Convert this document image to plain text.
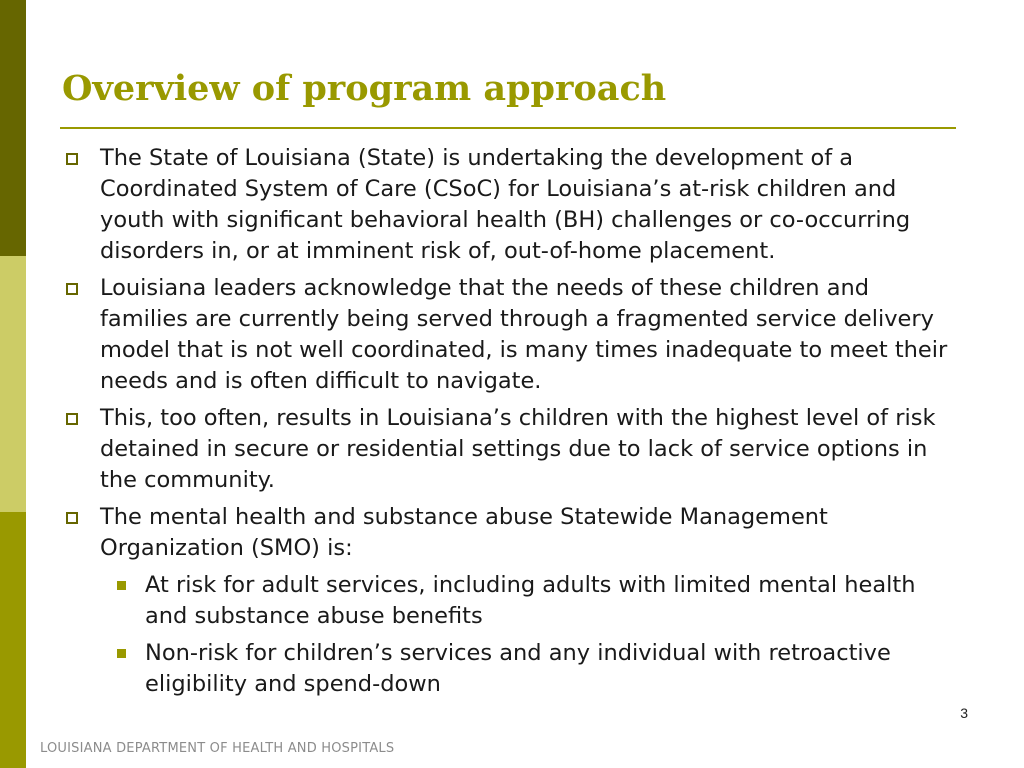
Overview of program approach
The State of Louisiana (State) is undertaking the development of a Coordinated System of Care (CSoC) for Louisiana’s at-risk children and youth with significant behavioral health (BH) challenges or co-occurring disorders in, or at imminent risk of, out-of-home placement.
Louisiana leaders acknowledge that the needs of these children and families are currently being served through a fragmented service delivery model that is not well coordinated, is many times inadequate to meet their needs and is often difficult to navigate.
This, too often, results in Louisiana’s children with the highest level of risk detained in secure or residential settings due to lack of service options in the community.
The mental health and substance abuse Statewide Management Organization (SMO) is:
At risk for adult services, including adults with limited mental health and substance abuse benefits
Non-risk for children’s services and any individual with retroactive eligibility and spend-down
3
LOUISIANA DEPARTMENT OF HEALTH AND HOSPITALS
